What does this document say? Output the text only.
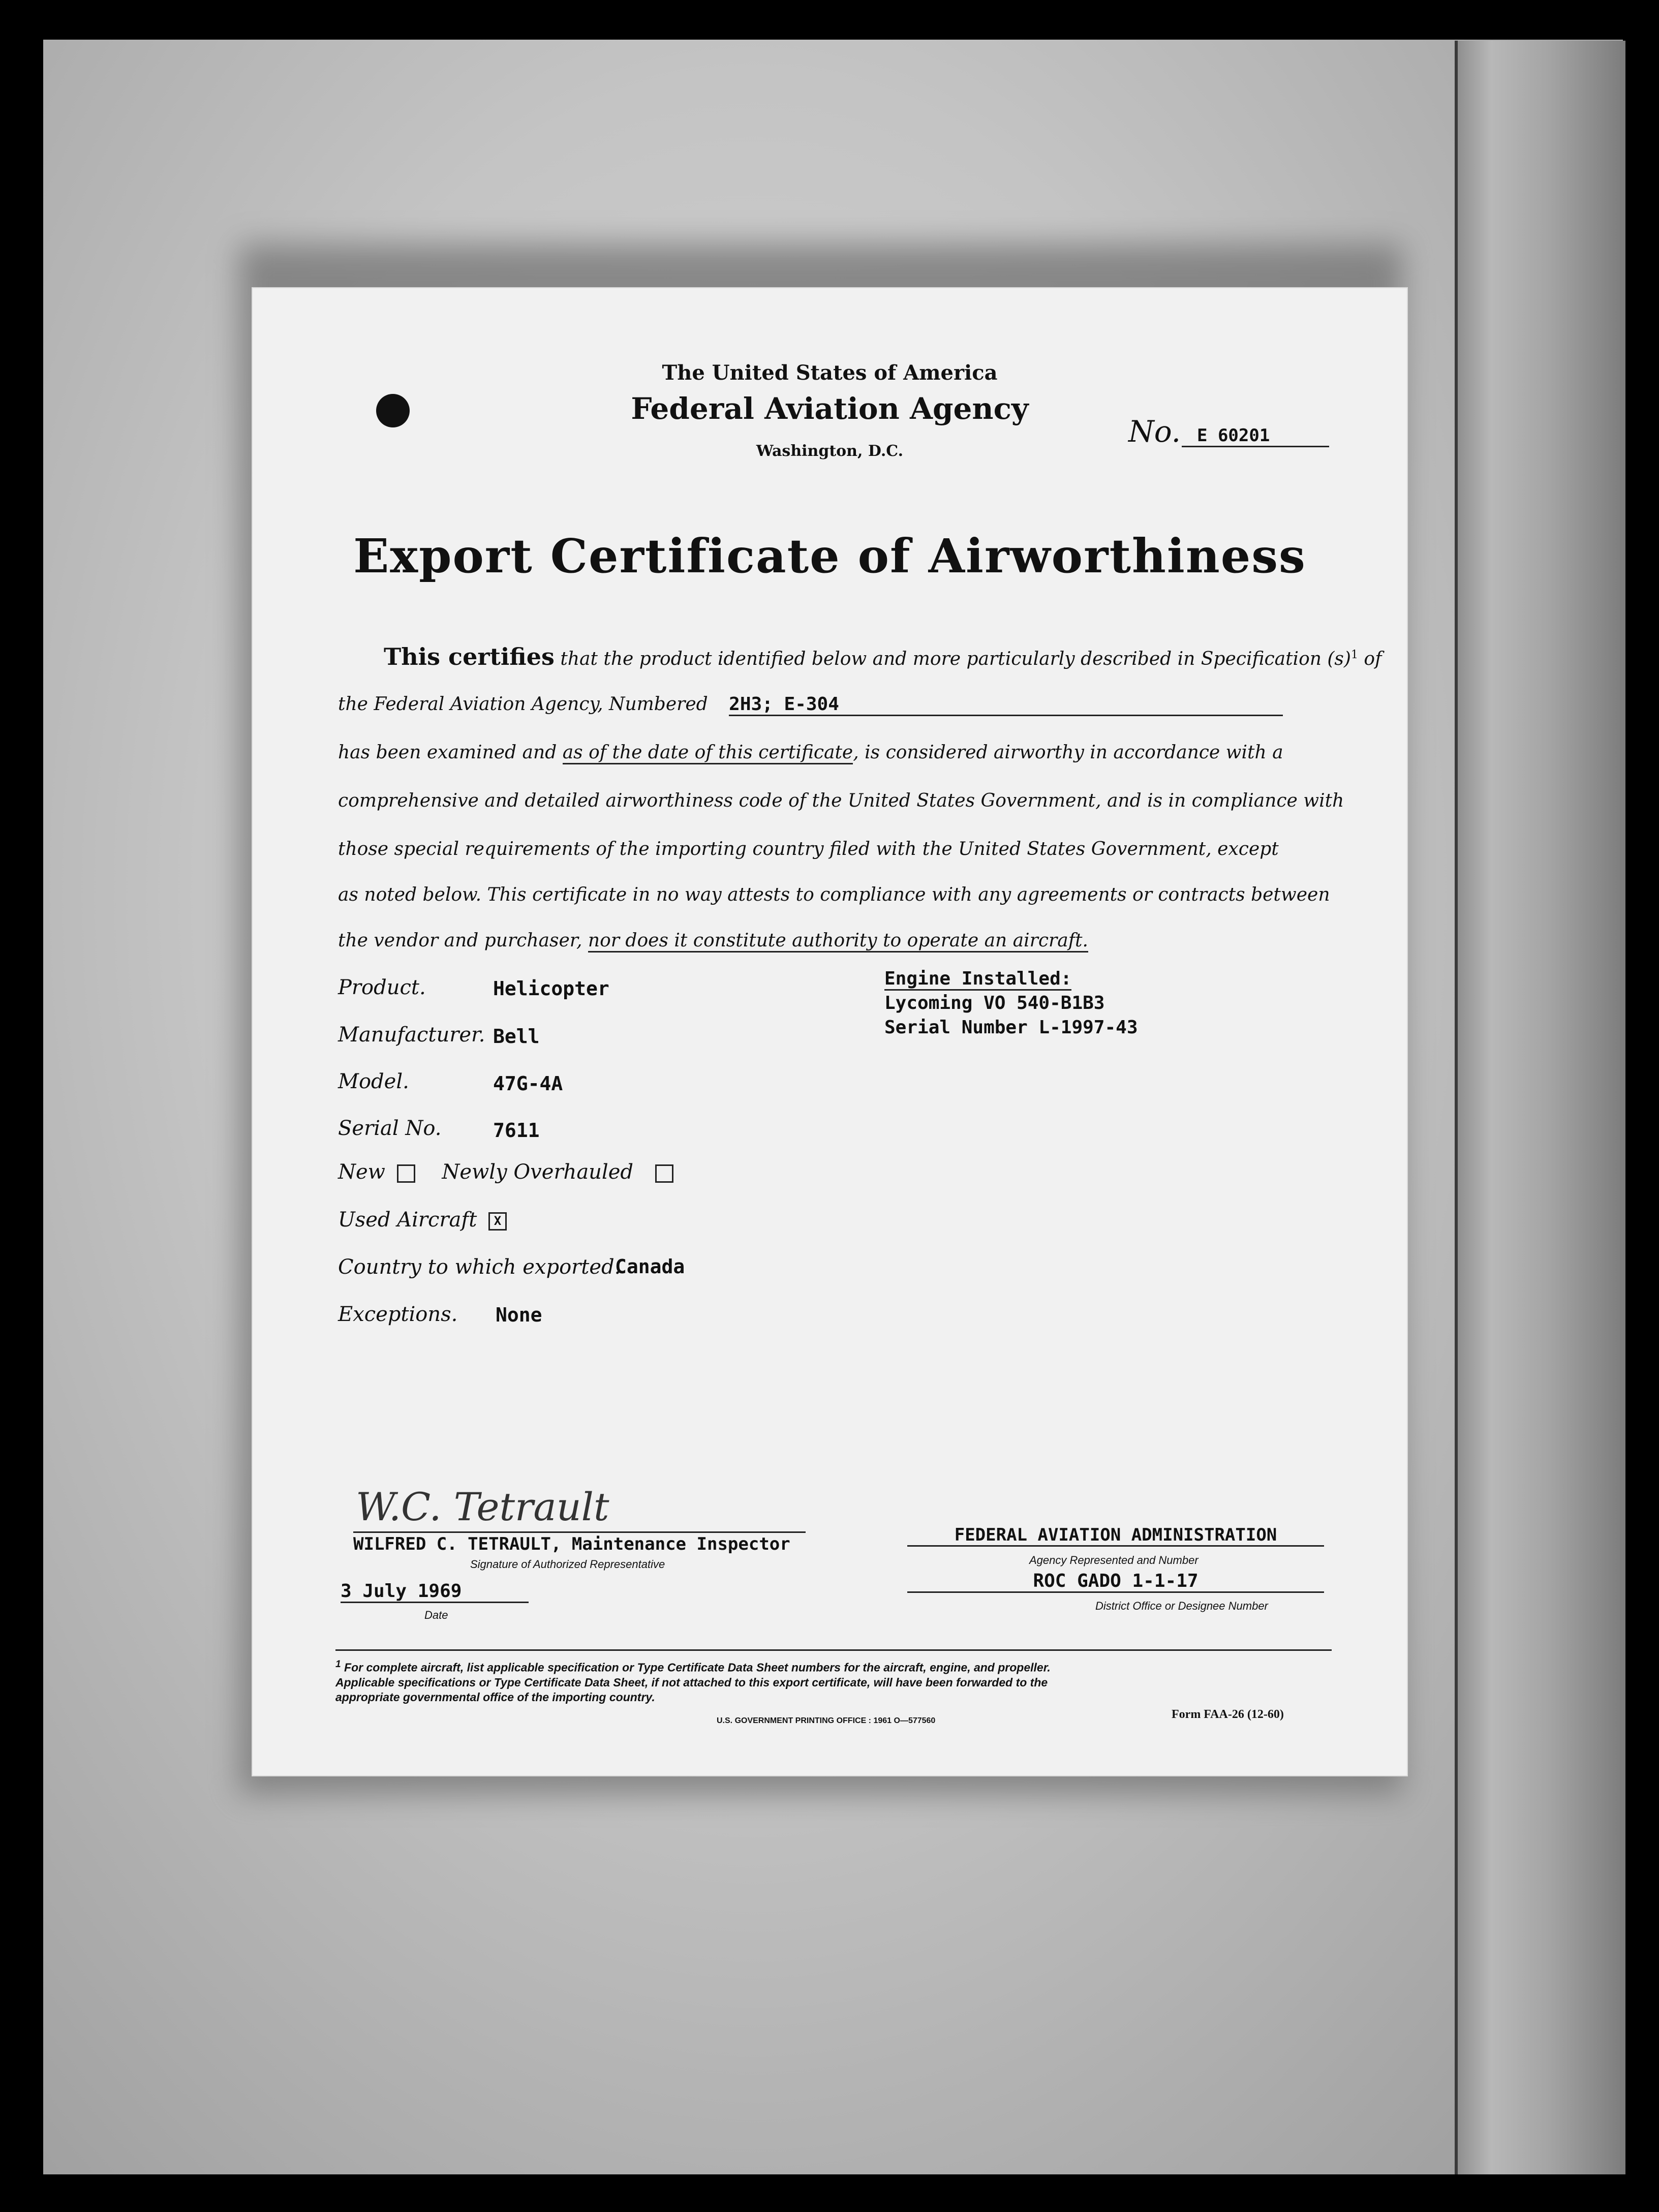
The United States of America
Federal Aviation Agency
Washington, D.C.
No. E 60201
Export Certificate of Airworthiness
This certifies that the product identified below and more particularly described in Specification $(s)^1$ of
the Federal Aviation Agency, Numbered 2H3; E-304
has been examined and as of the date of this certificate, is considered airworthy in accordance with a
comprehensive and detailed airworthiness code of the United States Government, and is in compliance with
those special requirements of the importing country filed with the United States Government, except
as noted below. This certificate in no way attests to compliance with any agreements or contracts between
the vendor and purchaser, nor does it constitute authority to operate an aircraft.
Product.	Helicopter
Manufacturer. Bell
Model.	47G-4A
Serial No.	7611
New	Newly Overhauled
Used Aircraft X
Country to which exported.
Canada
Exceptions. None
Engine Installed:
Lycoming VO 540-B1B3
Serial Number L-1997-43
W.C. Tetrault
WILFRED C. TETRAULT, Maintenance Inspector
Signature of Authorized Representative
3 July 1969
Date
FEDERAL AVIATION ADMINISTRATION
Agency Represented and Number
ROC GADO 1-1-17
District Office or Designee Number
$^1$ For complete aircraft, list applicable specification or Type Certificate Data Sheet numbers for the aircraft, engine, and propeller.
Applicable specifications or Type Certificate Data Sheet, if not attached to this export certificate, will have been forwarded to the
appropriate governmental office of the importing country.
U.S. GOVERNMENT PRINTING OFFICE : 1961 O—577560	Form FAA-26 (12-60)
